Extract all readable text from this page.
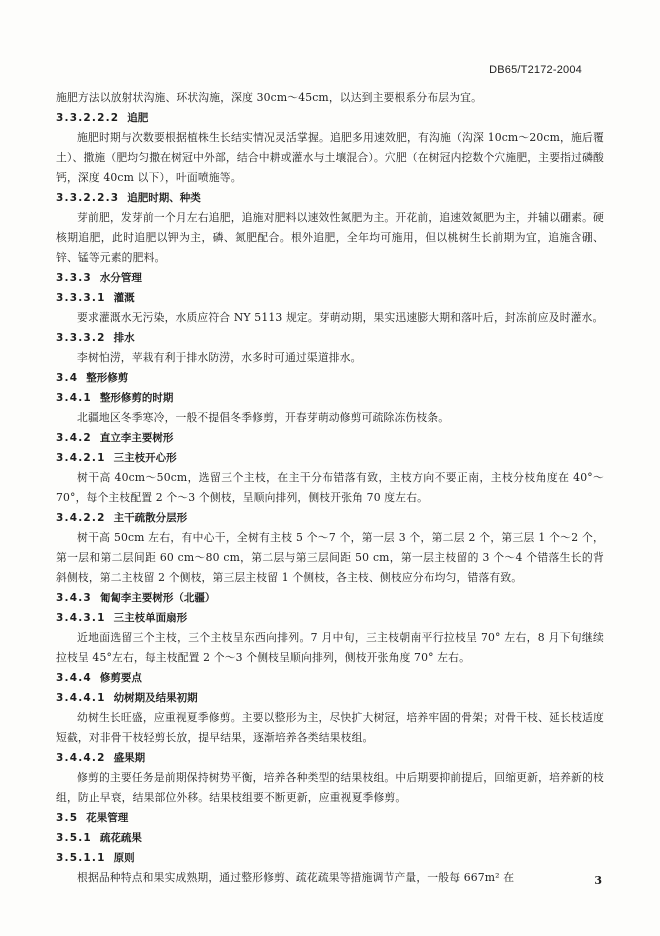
DB65/T2172-2004
施肥方法以放射状沟施、环状沟施，深度 30cm～45cm，以达到主要根系分布层为宜。
3.3.2.2.2 追肥
施肥时期与次数要根据植株生长结实情况灵活掌握。追肥多用速效肥，有沟施（沟深 10cm～20cm，施后覆土）、撒施（肥均匀撒在树冠中外部，结合中耕或灌水与土壤混合）。穴肥（在树冠内挖数个穴施肥，主要指过磷酸钙，深度 40cm 以下），叶面喷施等。
3.3.2.2.3 追肥时期、种类
芽前肥，发芽前一个月左右追肥，追施对肥料以速效性氮肥为主。开花前，追速效氮肥为主，并辅以硼素。硬核期追肥，此时追肥以钾为主，磷、氮肥配合。根外追肥，全年均可施用，但以桃树生长前期为宜，追施含硼、锌、锰等元素的肥料。
3.3.3 水分管理
3.3.3.1 灌溉
要求灌溉水无污染，水质应符合 NY 5113 规定。芽萌动期，果实迅速膨大期和落叶后，封冻前应及时灌水。
3.3.3.2 排水
李树怕涝，苹栽有利于排水防涝，水多时可通过渠道排水。
3.4 整形修剪
3.4.1 整形修剪的时期
北疆地区冬季寒冷，一般不提倡冬季修剪，开春芽萌动修剪可疏除冻伤枝条。
3.4.2 直立李主要树形
3.4.2.1 三主枝开心形
树干高 40cm～50cm，选留三个主枝，在主干分布错落有致，主枝方向不要正南，主枝分枝角度在 40°～70°，每个主枝配置 2 个～3 个侧枝，呈顺向排列，侧枝开张角 70 度左右。
3.4.2.2 主干疏散分层形
树干高 50cm 左右，有中心干，全树有主枝 5 个～7 个，第一层 3 个，第二层 2 个，第三层 1 个～2 个，第一层和第二层间距 60 cm～80 cm，第二层与第三层间距 50 cm，第一层主枝留的 3 个～4 个错落生长的背斜侧枝，第二主枝留 2 个侧枝，第三层主枝留 1 个侧枝，各主枝、侧枝应分布均匀，错落有致。
3.4.3 匍匐李主要树形（北疆）
3.4.3.1 三主枝单面扇形
近地面选留三个主枝，三个主枝呈东西向排列。7 月中旬，三主枝朝南平行拉枝呈 70° 左右，8 月下旬继续拉枝呈 45°左右，每主枝配置 2 个～3 个侧枝呈顺向排列，侧枝开张角度 70° 左右。
3.4.4 修剪要点
3.4.4.1 幼树期及结果初期
幼树生长旺盛，应重视夏季修剪。主要以整形为主，尽快扩大树冠，培养牢固的骨架；对骨干枝、延长枝适度短截，对非骨干枝轻剪长放，提早结果，逐渐培养各类结果枝组。
3.4.4.2 盛果期
修剪的主要任务是前期保持树势平衡，培养各种类型的结果枝组。中后期要抑前提后，回缩更新，培养新的枝组，防止早衰，结果部位外移。结果枝组要不断更新，应重视夏季修剪。
3.5 花果管理
3.5.1 疏花疏果
3.5.1.1 原则
根据品种特点和果实成熟期，通过整形修剪、疏花疏果等措施调节产量，一般每 667m² 在	3
